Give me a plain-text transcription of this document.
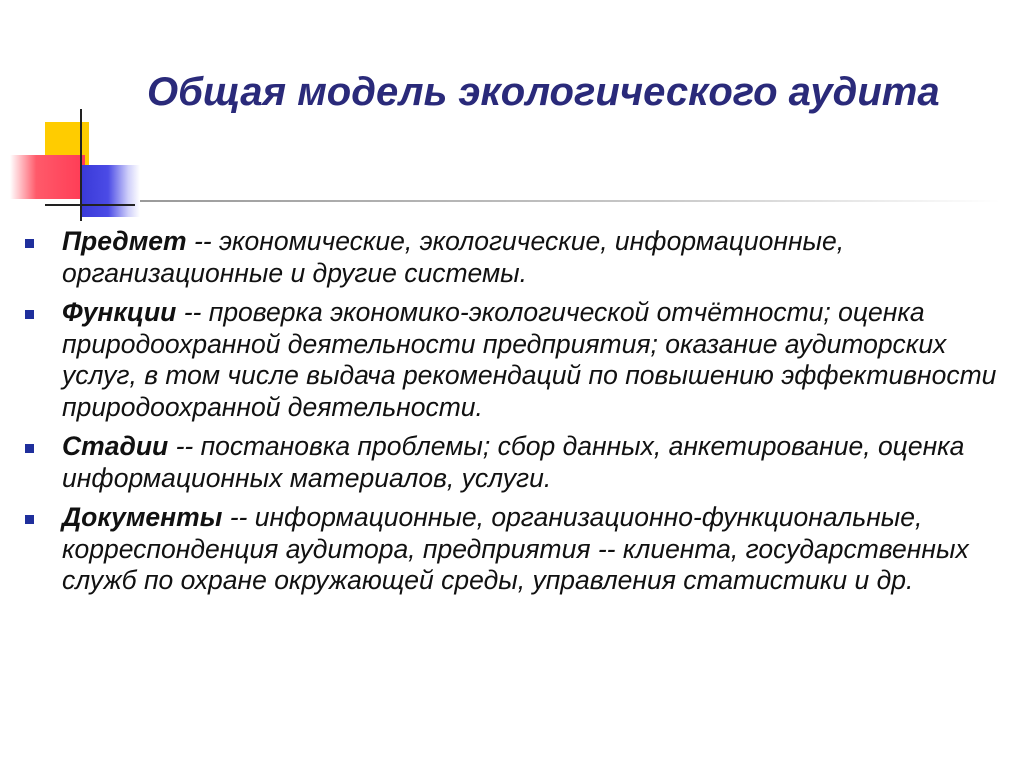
Общая модель экологического аудита
Предмет -- экономические, экологические, информационные, организационные и другие системы.
Функции -- проверка экономико-экологической отчётности; оценка природоохранной деятельности предприятия; оказание аудиторских услуг, в том числе выдача рекомендаций по повышению эффективности природоохранной деятельности.
Стадии -- постановка проблемы; сбор данных, анкетирование, оценка информационных материалов, услуги.
Документы -- информационные, организационно-функциональные, корреспонденция аудитора, предприятия -- клиента, государственных служб по охране окружающей среды, управления статистики и др.
